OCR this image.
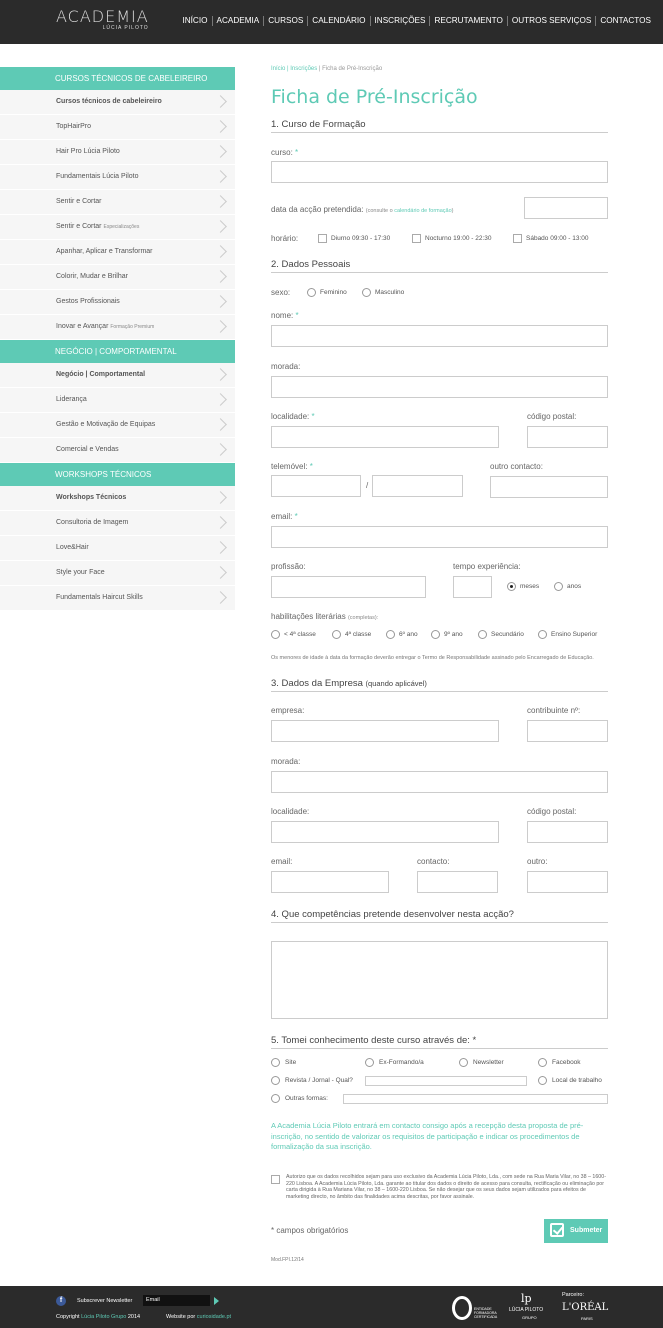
ACADEMIA
LÚCIA PILOTO
INÍCIO	ACADEMIA	CURSOS	CALENDÁRIO	INSCRIÇÕES	RECRUTAMENTO	OUTROS SERVIÇOS	CONTACTOS
CURSOS TÉCNICOS DE CABELEIREIRO
Cursos técnicos de cabeleireiro
TopHairPro
Hair Pro Lúcia Piloto
Fundamentais Lúcia Piloto
Sentir e Cortar
Sentir e Cortar Especializações
Apanhar, Aplicar e Transformar
Colorir, Mudar e Brilhar
Gestos Profissionais
Inovar e Avançar Formação Premium
NEGÓCIO | COMPORTAMENTAL
Negócio | Comportamental
Liderança
Gestão e Motivação de Equipas
Comercial e Vendas
WORKSHOPS TÉCNICOS
Workshops Técnicos
Consultoria de Imagem
Love&Hair
Style your Face
Fundamentals Haircut Skills
Início | Inscrições | Ficha de Pré-Inscrição
Ficha de Pré-Inscrição
1. Curso de Formação
curso: *
data da acção pretendida: (consulte o calendário de formação)
horário:	Diurno 09:30 - 17:30	Nocturno 19:00 - 22:30	Sábado 09:00 - 13:00
2. Dados Pessoais
sexo:	Feminino	Masculino
nome: *
morada:
localidade: *	código postal:
telemóvel: *
/
outro contacto:
email: *
profissão:	tempo experiência:
meses	anos
habilitações literárias (completas):
< 4ª classe	4ª classe	6º ano	9º ano	Secundário	Ensino Superior
Os menores de idade à data da formação deverão entregar o Termo de Responsabilidade assinado pelo Encarregado de Educação.
3. Dados da Empresa (quando aplicável)
empresa:	contribuinte nº:
morada:
localidade:	código postal:
email:	contacto:	outro:
4. Que competências pretende desenvolver nesta acção?
5. Tomei conhecimento deste curso através de: *
Site	Ex-Formando/a	Newsletter	Facebook
Revista / Jornal - Qual?	Local de trabalho
Outras formas:
A Academia Lúcia Piloto entrará em contacto consigo após a recepção desta proposta de pré-inscrição, no sentido de valorizar os requisitos de participação e indicar os procedimentos de formalização da sua inscrição.
Autorizo que os dados recolhidos sejam para uso exclusivo da Academia Lúcia Piloto, Lda., com sede na Rua Maria Vilar, no 38 – 1600-220 Lisboa. A Academia Lúcia Piloto, Lda. garante ao titular dos dados o direito de acesso para consulta, rectificação ou eliminação por carta dirigida à Rua Mariana Vilar, no 38 – 1600-220 Lisboa. Se não desejar que os seus dados sejam utilizados para efeitos de marketing directo, no âmbito das finalidades acima descritas, por favor assinale.
* campos obrigatórios
Mod.FPI.12/14
Submeter
f	Subscrever Newsletter	Email
Copyright Lúcia Piloto Grupo 2014	Website por curiosidade.pt
ENTIDADE FORMADORA CERTIFICADA
lp
LÚCIA PILOTO
GRUPO
Parceiro:
L'ORÉAL
PARIS
